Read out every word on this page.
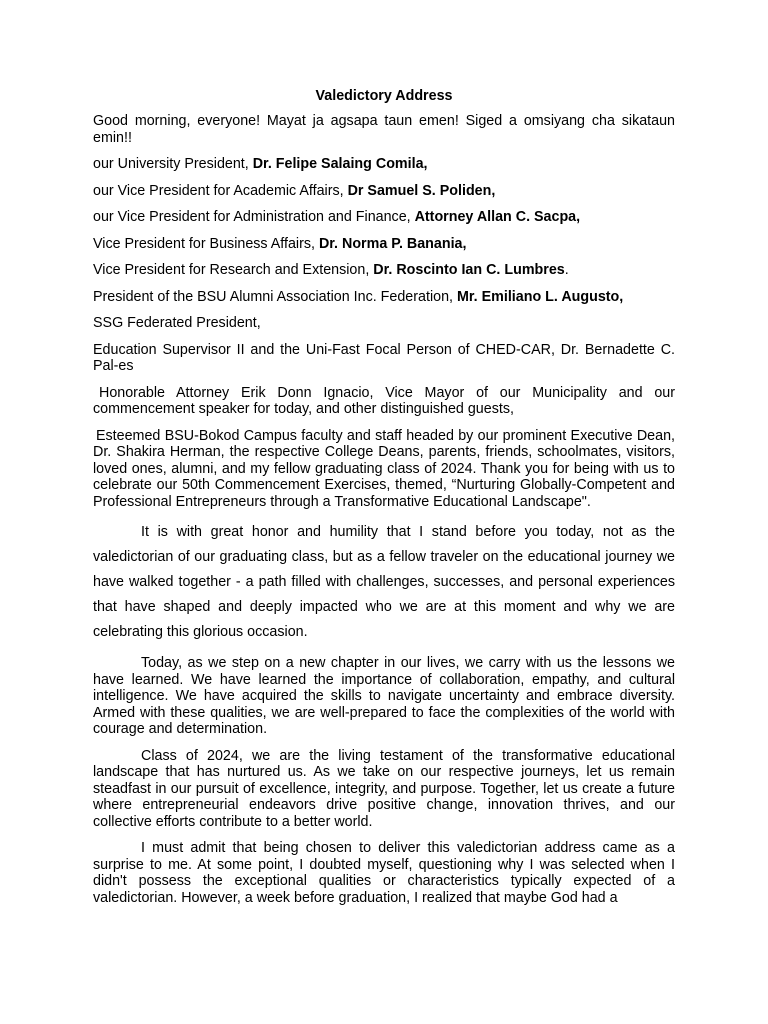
Valedictory Address

Good morning, everyone! Mayat ja agsapa taun emen! Siged a omsiyang cha sikataun emin!!

our University President, Dr. Felipe Salaing Comila,

our Vice President for Academic Affairs, Dr Samuel S. Poliden,

our Vice President for Administration and Finance, Attorney Allan C. Sacpa,

Vice President for Business Affairs, Dr. Norma P. Banania,

Vice President for Research and Extension, Dr. Roscinto Ian C. Lumbres.

President of the BSU Alumni Association Inc. Federation, Mr. Emiliano L. Augusto,

SSG Federated President,

Education Supervisor II and the Uni-Fast Focal Person of CHED-CAR, Dr. Bernadette C. Pal-es

Honorable Attorney Erik Donn Ignacio, Vice Mayor of our Municipality and our commencement speaker for today, and other distinguished guests,

Esteemed BSU-Bokod Campus faculty and staff headed by our prominent Executive Dean, Dr. Shakira Herman, the respective College Deans, parents, friends, schoolmates, visitors, loved ones, alumni, and my fellow graduating class of 2024. Thank you for being with us to celebrate our 50th Commencement Exercises, themed, “Nurturing Globally-Competent and Professional Entrepreneurs through a Transformative Educational Landscape".

It is with great honor and humility that I stand before you today, not as the valedictorian of our graduating class, but as a fellow traveler on the educational journey we have walked together - a path filled with challenges, successes, and personal experiences that have shaped and deeply impacted who we are at this moment and why we are celebrating this glorious occasion.

Today, as we step on a new chapter in our lives, we carry with us the lessons we have learned. We have learned the importance of collaboration, empathy, and cultural intelligence. We have acquired the skills to navigate uncertainty and embrace diversity. Armed with these qualities, we are well-prepared to face the complexities of the world with courage and determination.

Class of 2024, we are the living testament of the transformative educational landscape that has nurtured us. As we take on our respective journeys, let us remain steadfast in our pursuit of excellence, integrity, and purpose. Together, let us create a future where entrepreneurial endeavors drive positive change, innovation thrives, and our collective efforts contribute to a better world.

I must admit that being chosen to deliver this valedictorian address came as a surprise to me. At some point, I doubted myself, questioning why I was selected when I didn't possess the exceptional qualities or characteristics typically expected of a valedictorian. However, a week before graduation, I realized that maybe God had a
